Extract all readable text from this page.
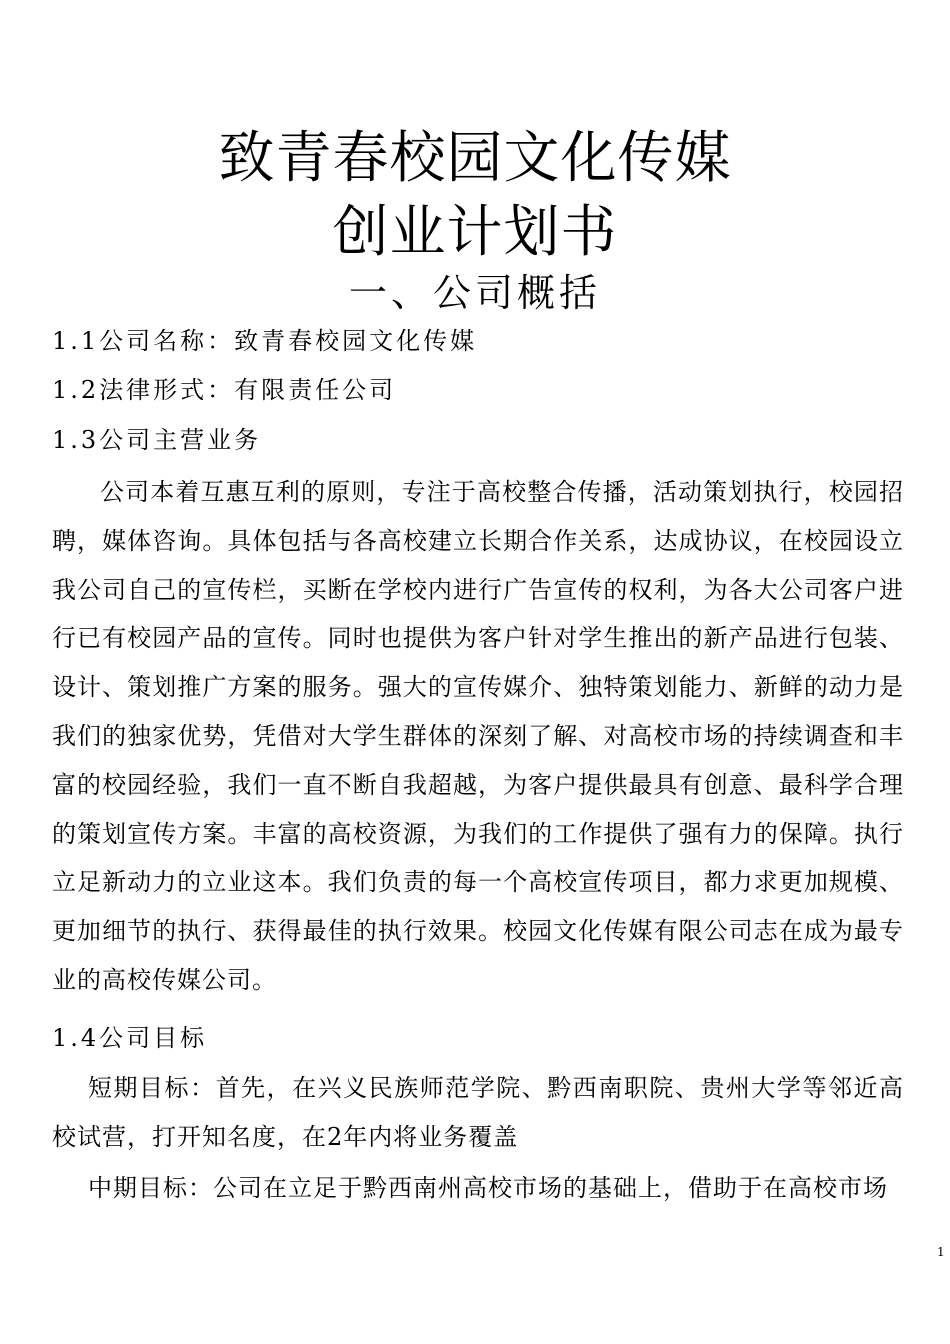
致青春校园文化传媒
创业计划书
一、公司概括
1.1公司名称：致青春校园文化传媒
1.2法律形式：有限责任公司
1.3公司主营业务
公司本着互惠互利的原则，专注于高校整合传播，活动策划执行，校园招聘，媒体咨询。具体包括与各高校建立长期合作关系，达成协议，在校园设立我公司自己的宣传栏，买断在学校内进行广告宣传的权利，为各大公司客户进行已有校园产品的宣传。同时也提供为客户针对学生推出的新产品进行包装、设计、策划推广方案的服务。强大的宣传媒介、独特策划能力、新鲜的动力是我们的独家优势，凭借对大学生群体的深刻了解、对高校市场的持续调查和丰富的校园经验，我们一直不断自我超越，为客户提供最具有创意、最科学合理的策划宣传方案。丰富的高校资源，为我们的工作提供了强有力的保障。执行立足新动力的立业这本。我们负责的每一个高校宣传项目，都力求更加规模、更加细节的执行、获得最佳的执行效果。校园文化传媒有限公司志在成为最专业的高校传媒公司。
1.4公司目标
短期目标：首先，在兴义民族师范学院、黔西南职院、贵州大学等邻近高校试营，打开知名度，在2年内将业务覆盖
中期目标：公司在立足于黔西南州高校市场的基础上，借助于在高校市场
1
